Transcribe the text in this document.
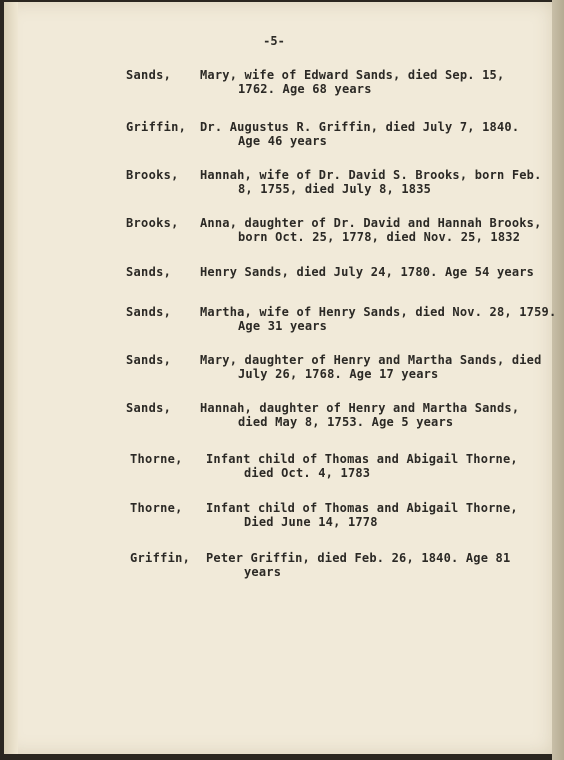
-5-
Sands, Mary, wife of Edward Sands, died Sep. 15,
1762. Age 68 years
Griffin, Dr. Augustus R. Griffin, died July 7, 1840.
Age 46 years
Brooks, Hannah, wife of Dr. David S. Brooks, born Feb.
8, 1755, died July 8, 1835
Brooks, Anna, daughter of Dr. David and Hannah Brooks,
born Oct. 25, 1778, died Nov. 25, 1832
Sands, Henry Sands, died July 24, 1780. Age 54 years
Sands, Martha, wife of Henry Sands, died Nov. 28, 1759.
Age 31 years
Sands, Mary, daughter of Henry and Martha Sands, died
July 26, 1768. Age 17 years
Sands, Hannah, daughter of Henry and Martha Sands,
died May 8, 1753. Age 5 years
Thorne, Infant child of Thomas and Abigail Thorne,
died Oct. 4, 1783
Thorne, Infant child of Thomas and Abigail Thorne,
Died June 14, 1778
Griffin, Peter Griffin, died Feb. 26, 1840. Age 81
years
